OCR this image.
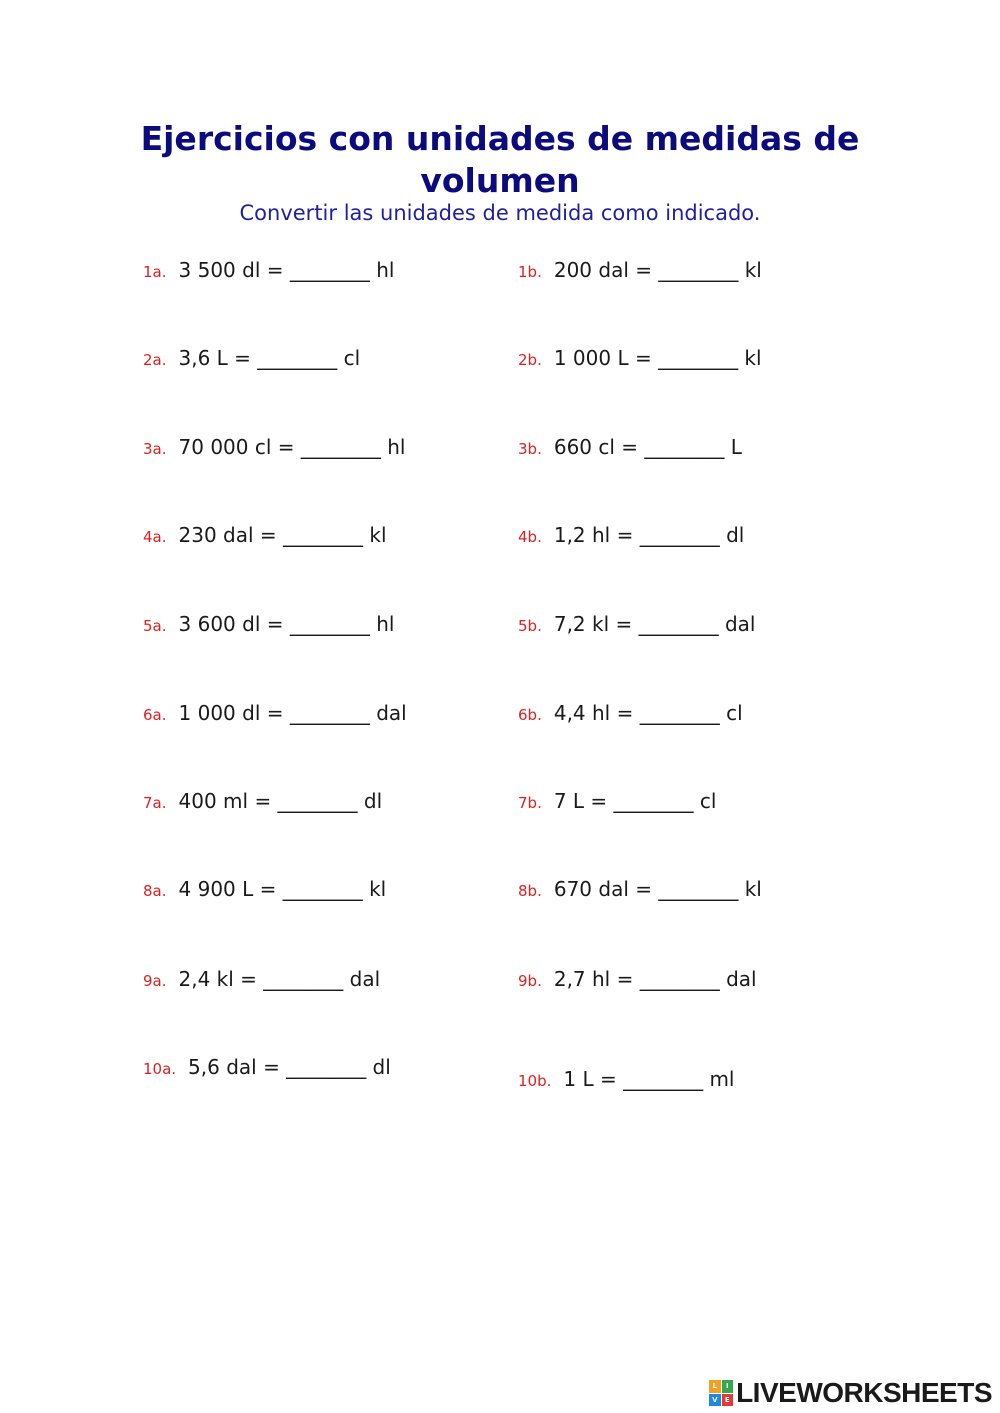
Ejercicios con unidades de medidas de volumen
Convertir las unidades de medida como indicado.
1a. 3 500 dl = ________ hl
2a. 3,6 L = ________ cl
3a. 70 000 cl = ________ hl
4a. 230 dal = ________ kl
5a. 3 600 dl = ________ hl
6a. 1 000 dl = ________ dal
7a. 400 ml = ________ dl
8a. 4 900 L = ________ kl
9a. 2,4 kl = ________ dal
10a. 5,6 dal = ________ dl
1b. 200 dal = ________ kl
2b. 1 000 L = ________ kl
3b. 660 cl = ________ L
4b. 1,2 hl = ________ dl
5b. 7,2 kl = ________ dal
6b. 4,4 hl = ________ cl
7b. 7 L = ________ cl
8b. 670 dal = ________ kl
9b. 2,7 hl = ________ dal
10b. 1 L = ________ ml
L	I
V	E LIVEWORKSHEETS
